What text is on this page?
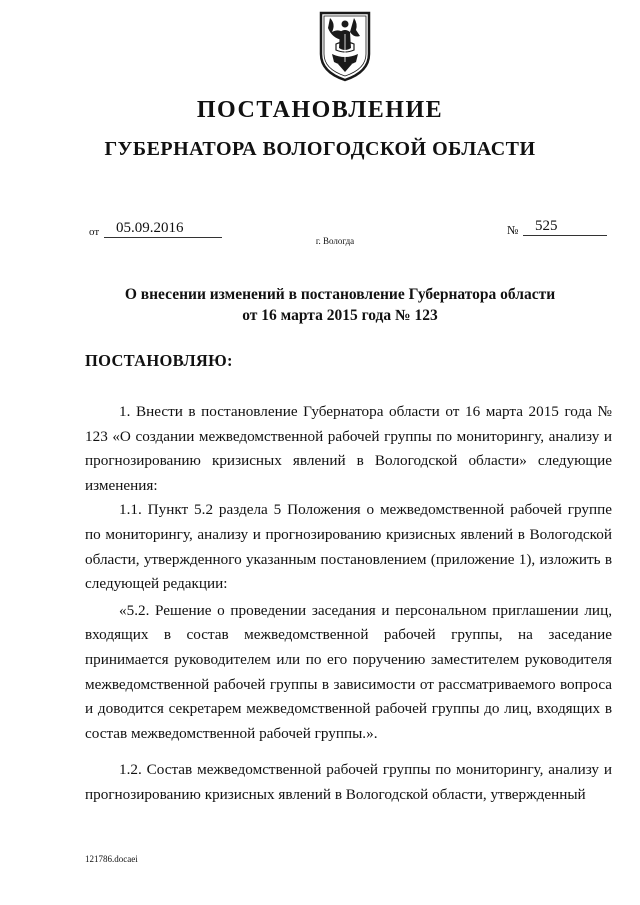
ПОСТАНОВЛЕНИЕ
ГУБЕРНАТОРА ВОЛОГОДСКОЙ ОБЛАСТИ
от	05.09.2016	№	525
г. Вологда
О внесении изменений в постановление Губернатора области
от 16 марта 2015 года № 123
ПОСТАНОВЛЯЮ:

1. Внести в постановление Губернатора области от 16 марта 2015 года № 123 «О создании межведомственной рабочей группы по мониторингу, анализу и прогнозированию кризисных явлений в Вологодской области» следующие изменения:

1.1. Пункт 5.2 раздела 5 Положения о межведомственной рабочей группе по мониторингу, анализу и прогнозированию кризисных явлений в Вологодской области, утвержденного указанным постановлением (приложение 1), изложить в следующей редакции:

«5.2. Решение о проведении заседания и персональном приглашении лиц, входящих в состав межведомственной рабочей группы, на заседание принимается руководителем или по его поручению заместителем руководителя межведомственной рабочей группы в зависимости от рассматриваемого вопроса и доводится секретарем межведомственной рабочей группы до лиц, входящих в состав межведомственной рабочей группы.».

1.2. Состав межведомственной рабочей группы по мониторингу, анализу и прогнозированию кризисных явлений в Вологодской области, утвержденный

121786.docaei
